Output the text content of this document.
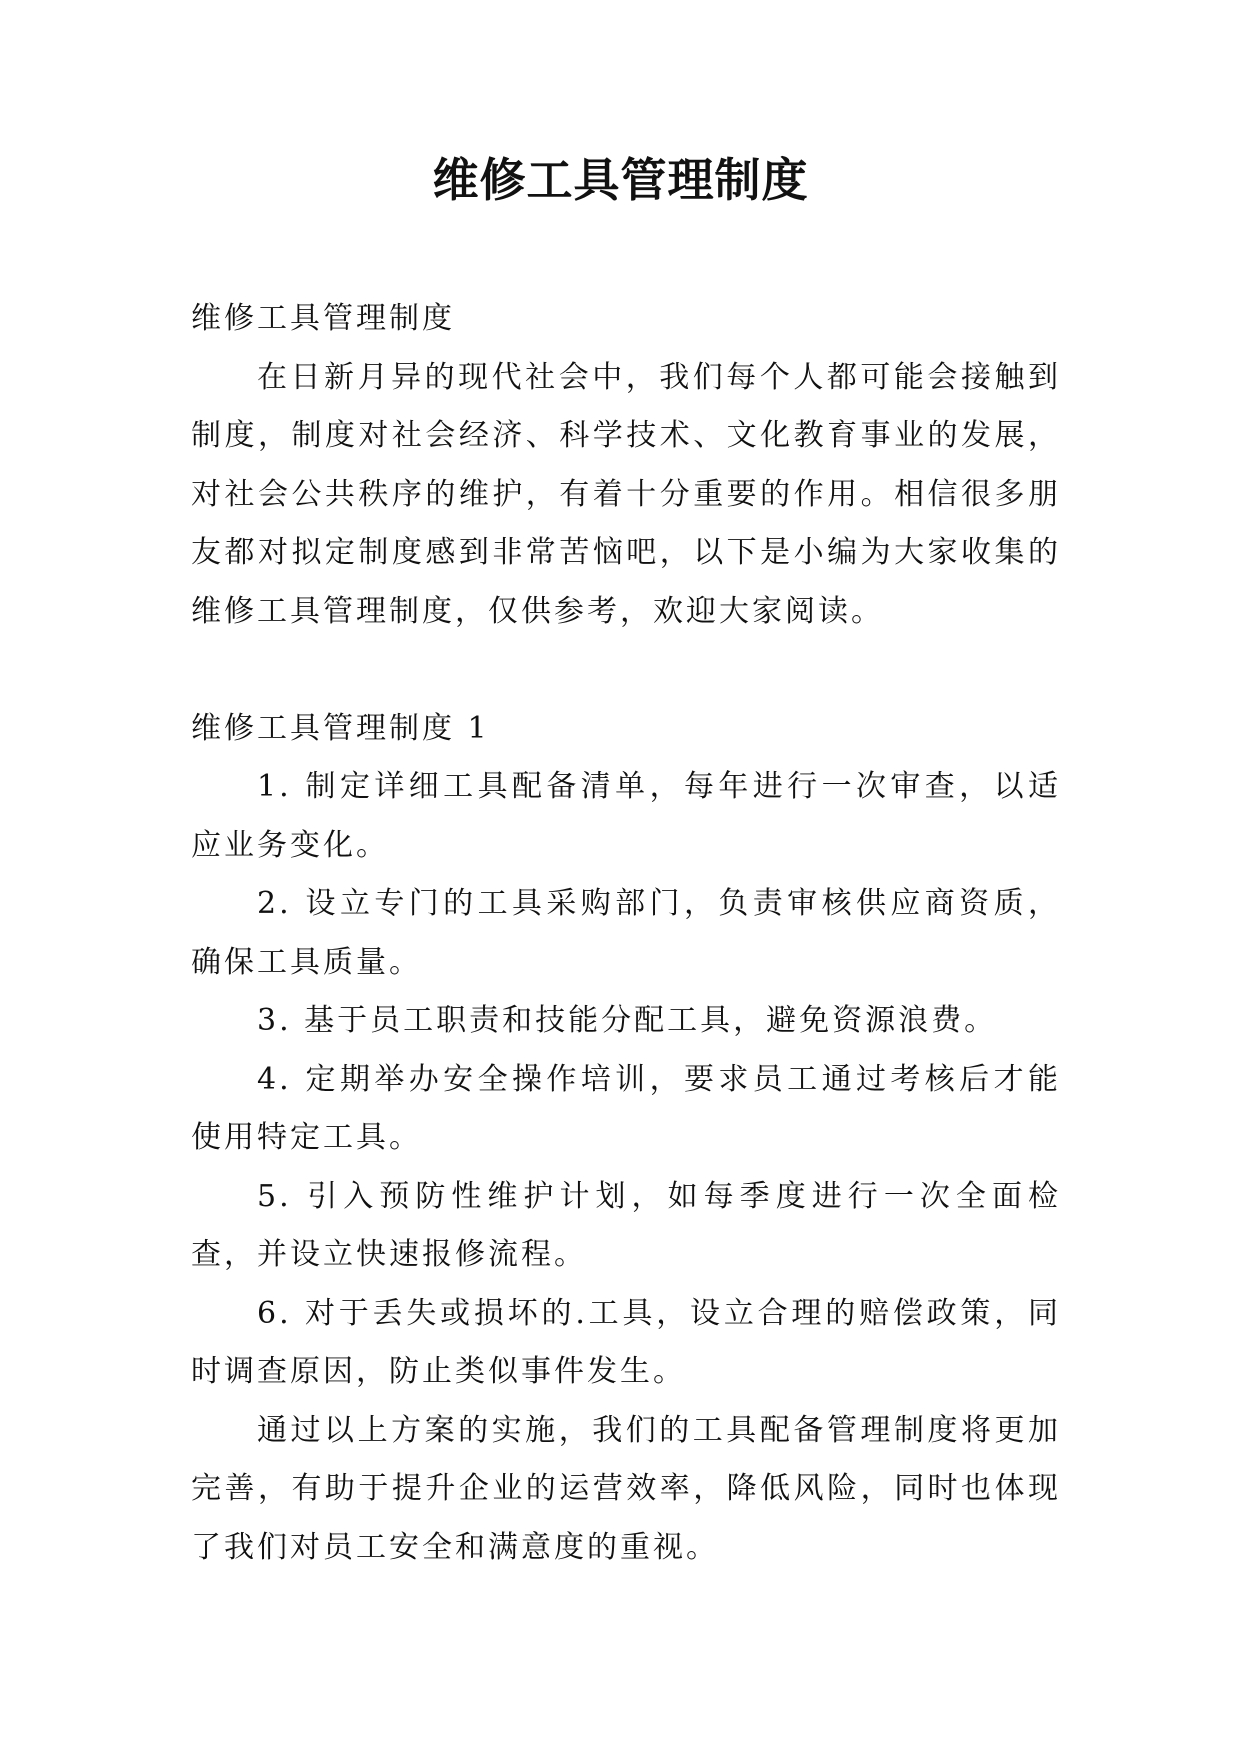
维修工具管理制度

维修工具管理制度

在日新月异的现代社会中，我们每个人都可能会接触到制度，制度对社会经济、科学技术、文化教育事业的发展，对社会公共秩序的维护，有着十分重要的作用。相信很多朋友都对拟定制度感到非常苦恼吧，以下是小编为大家收集的维修工具管理制度，仅供参考，欢迎大家阅读。

维修工具管理制度 1

1. 制定详细工具配备清单，每年进行一次审查，以适应业务变化。

2. 设立专门的工具采购部门，负责审核供应商资质，确保工具质量。

3. 基于员工职责和技能分配工具，避免资源浪费。

4. 定期举办安全操作培训，要求员工通过考核后才能使用特定工具。

5. 引入预防性维护计划，如每季度进行一次全面检查，并设立快速报修流程。

6. 对于丢失或损坏的.工具，设立合理的赔偿政策，同时调查原因，防止类似事件发生。

通过以上方案的实施，我们的工具配备管理制度将更加完善，有助于提升企业的运营效率，降低风险，同时也体现了我们对员工安全和满意度的重视。
